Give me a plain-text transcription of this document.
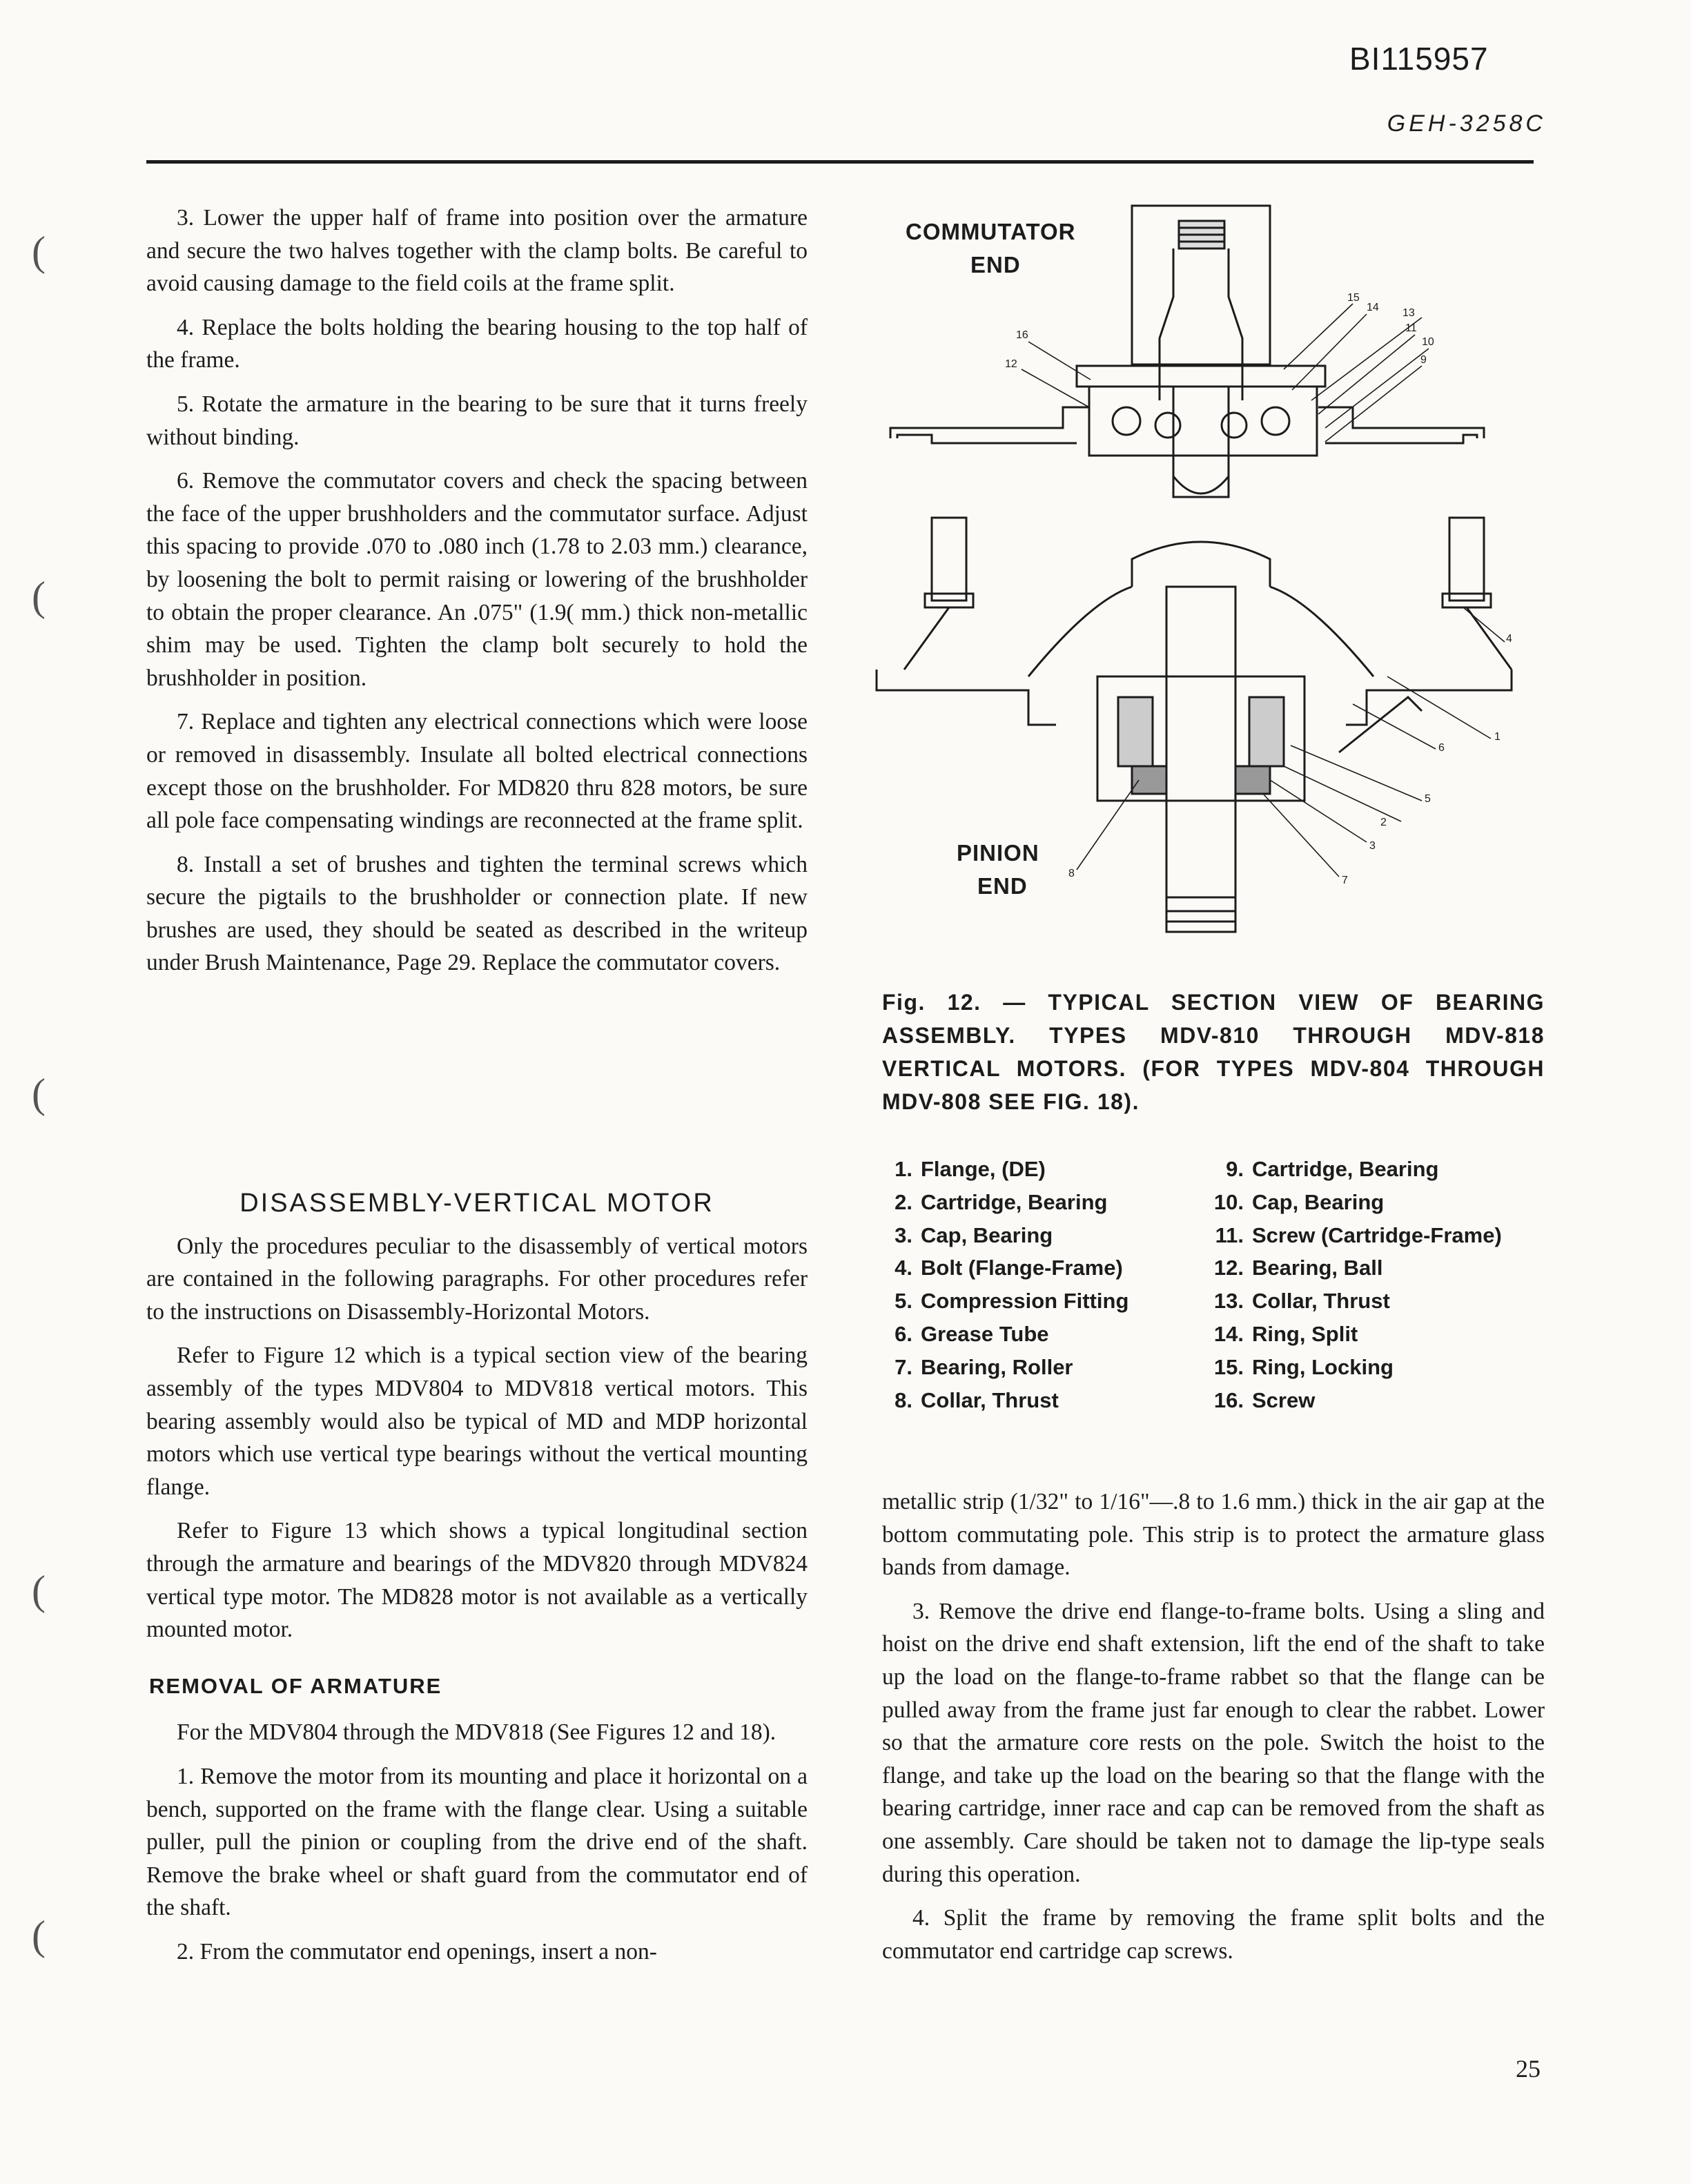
BI115957
GEH-3258C
(
(
(
(
(

3. Lower the upper half of frame into position over the armature and secure the two halves together with the clamp bolts. Be careful to avoid causing damage to the field coils at the frame split.

4. Replace the bolts holding the bearing housing to the top half of the frame.

5. Rotate the armature in the bearing to be sure that it turns freely without binding.

6. Remove the commutator covers and check the spacing between the face of the upper brushholders and the commutator surface. Adjust this spacing to provide .070 to .080 inch (1.78 to 2.03 mm.) clearance, by loosening the bolt to permit raising or lowering of the brushholder to obtain the proper clearance. An .075" (1.9( mm.) thick non-metallic shim may be used. Tighten the clamp bolt securely to hold the brushholder in position.

7. Replace and tighten any electrical connections which were loose or removed in disassembly. Insulate all bolted electrical connections except those on the brushholder. For MD820 thru 828 motors, be sure all pole face compensating windings are reconnected at the frame split.

8. Install a set of brushes and tighten the terminal screws which secure the pigtails to the brushholder or connection plate. If new brushes are used, they should be seated as described in the writeup under Brush Maintenance, Page 29. Replace the commutator covers.

DISASSEMBLY-VERTICAL MOTOR

Only the procedures peculiar to the disassembly of vertical motors are contained in the following paragraphs. For other procedures refer to the instructions on Disassembly-Horizontal Motors.

Refer to Figure 12 which is a typical section view of the bearing assembly of the types MDV804 to MDV818 vertical motors. This bearing assembly would also be typical of MD and MDP horizontal motors which use vertical type bearings without the vertical mounting flange.

Refer to Figure 13 which shows a typical longitudinal section through the armature and bearings of the MDV820 through MDV824 vertical type motor. The MD828 motor is not available as a vertically mounted motor.

REMOVAL OF ARMATURE

For the MDV804 through the MDV818 (See Figures 12 and 18).

1. Remove the motor from its mounting and place it horizontal on a bench, supported on the frame with the flange clear. Using a suitable puller, pull the pinion or coupling from the drive end of the shaft. Remove the brake wheel or shaft guard from the commutator end of the shaft.

2. From the commutator end openings, insert a non-

15
14 13
11
10
9
16
12
4
1
6
5
2
3
7
8
COMMUTATOR
END
PINION
END
Fig. 12. — TYPICAL SECTION VIEW OF BEARING ASSEMBLY. TYPES MDV-810 THROUGH MDV-818 VERTICAL MOTORS. (FOR TYPES MDV-804 THROUGH MDV-808 SEE FIG. 18).
1. Flange, (DE)
2. Cartridge, Bearing
3. Cap, Bearing
4. Bolt (Flange-Frame)
5. Compression Fitting
6. Grease Tube
7. Bearing, Roller
8. Collar, Thrust
9. Cartridge, Bearing
10. Cap, Bearing
11. Screw (Cartridge-Frame)
12. Bearing, Ball
13. Collar, Thrust
14. Ring, Split
15. Ring, Locking
16. Screw

metallic strip (1/32" to 1/16"—.8 to 1.6 mm.) thick in the air gap at the bottom commutating pole. This strip is to protect the armature glass bands from damage.

3. Remove the drive end flange-to-frame bolts. Using a sling and hoist on the drive end shaft extension, lift the end of the shaft to take up the load on the flange-to-frame rabbet so that the flange can be pulled away from the frame just far enough to clear the rabbet. Lower so that the armature core rests on the pole. Switch the hoist to the flange, and take up the load on the bearing so that the flange with the bearing cartridge, inner race and cap can be removed from the shaft as one assembly. Care should be taken not to damage the lip-type seals during this operation.

4. Split the frame by removing the frame split bolts and the commutator end cartridge cap screws.

25
